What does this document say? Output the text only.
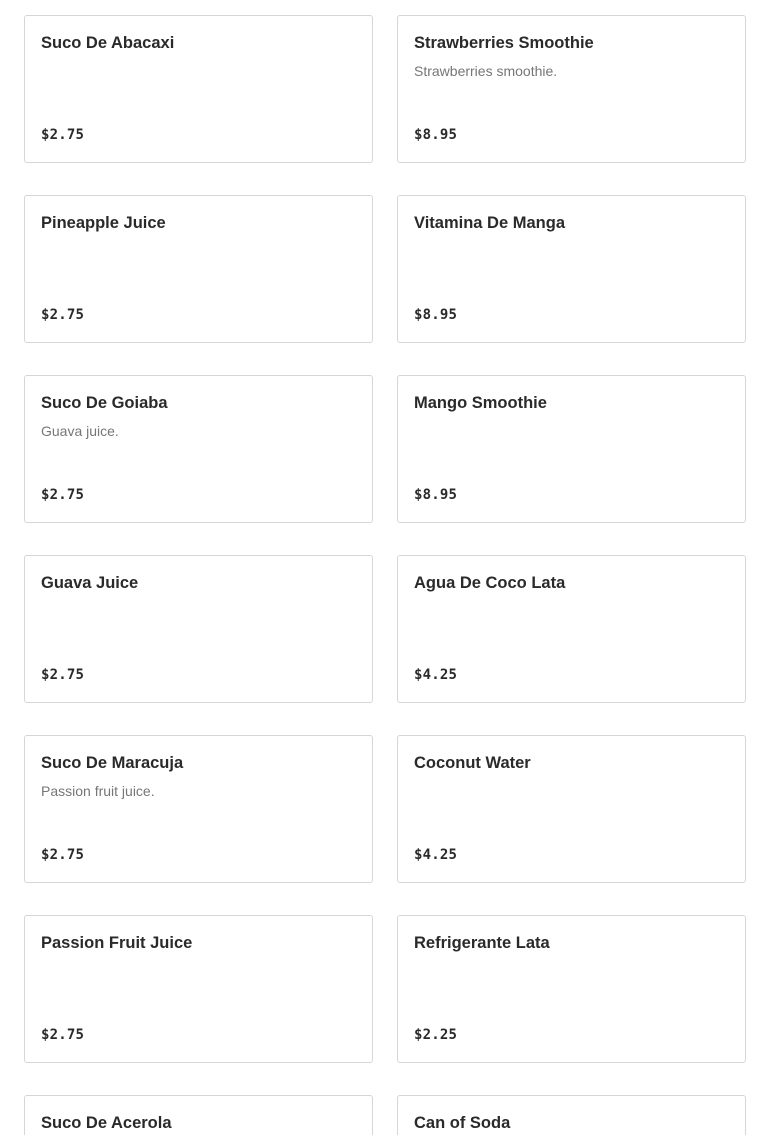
Suco De Abacaxi
$2.75
Strawberries Smoothie
Strawberries smoothie.
$8.95
Pineapple Juice
$2.75
Vitamina De Manga
$8.95
Suco De Goiaba
Guava juice.
$2.75
Mango Smoothie
$8.95
Guava Juice
$2.75
Agua De Coco Lata
$4.25
Suco De Maracuja
Passion fruit juice.
$2.75
Coconut Water
$4.25
Passion Fruit Juice
$2.75
Refrigerante Lata
$2.25
Suco De Acerola	Can of Soda
